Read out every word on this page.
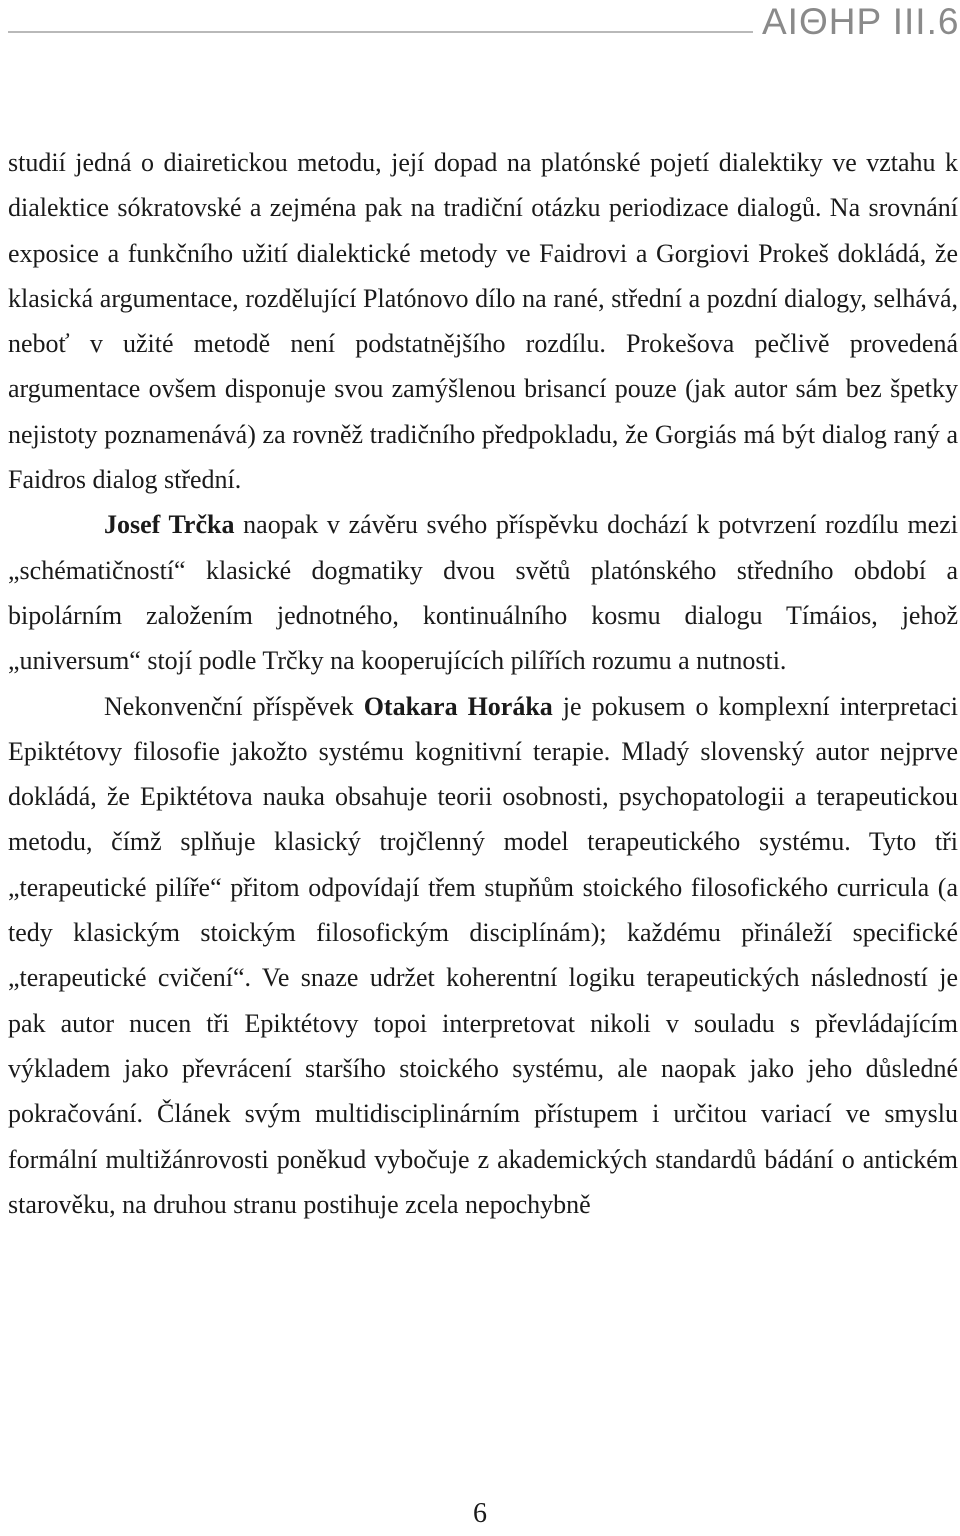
AIΘHP III.6

studií jedná o diairetickou metodu, její dopad na platónské pojetí dialektiky ve vztahu k dialektice sókratovské a zejména pak na tradiční otázku periodizace dialogů. Na srovnání exposice a funkčního užití dialektické metody ve Faidrovi a Gorgiovi Prokeš dokládá, že klasická argumentace, rozdělující Platónovo dílo na rané, střední a pozdní dialogy, selhává, neboť v užité metodě není podstatnějšího rozdílu. Prokešova pečlivě provedená argumentace ovšem disponuje svou zamýšlenou brisancí pouze (jak autor sám bez špetky nejistoty poznamenává) za rovněž tradičního předpokladu, že Gorgiás má být dialog raný a Faidros dialog střední.

Josef Trčka naopak v závěru svého příspěvku dochází k potvrzení rozdílu mezi „schématičností“ klasické dogmatiky dvou světů platónského středního období a bipolárním založením jednotného, kontinuálního kosmu dialogu Tímáios, jehož „universum“ stojí podle Trčky na kooperujících pilířích rozumu a nutnosti.

Nekonvenční příspěvek Otakara Horáka je pokusem o komplexní interpretaci Epiktétovy filosofie jakožto systému kognitivní terapie. Mladý slovenský autor nejprve dokládá, že Epiktétova nauka obsahuje teorii osobnosti, psychopatologii a terapeutickou metodu, čímž splňuje klasický trojčlenný model terapeutického systému. Tyto tři „terapeutické pilíře“ přitom odpovídají třem stupňům stoického filosofického curricula (a tedy klasickým stoickým filosofickým disciplínám); každému přináleží specifické „terapeutické cvičení“. Ve snaze udržet koherentní logiku terapeutických následností je pak autor nucen tři Epiktétovy topoi interpretovat nikoli v souladu s převládajícím výkladem jako převrácení staršího stoického systému, ale naopak jako jeho důsledné pokračování. Článek svým multidisciplinárním přístupem i určitou variací ve smyslu formální multižánrovosti poněkud vybočuje z akademických standardů bádání o antickém starověku, na druhou stranu postihuje zcela nepochybně

6
